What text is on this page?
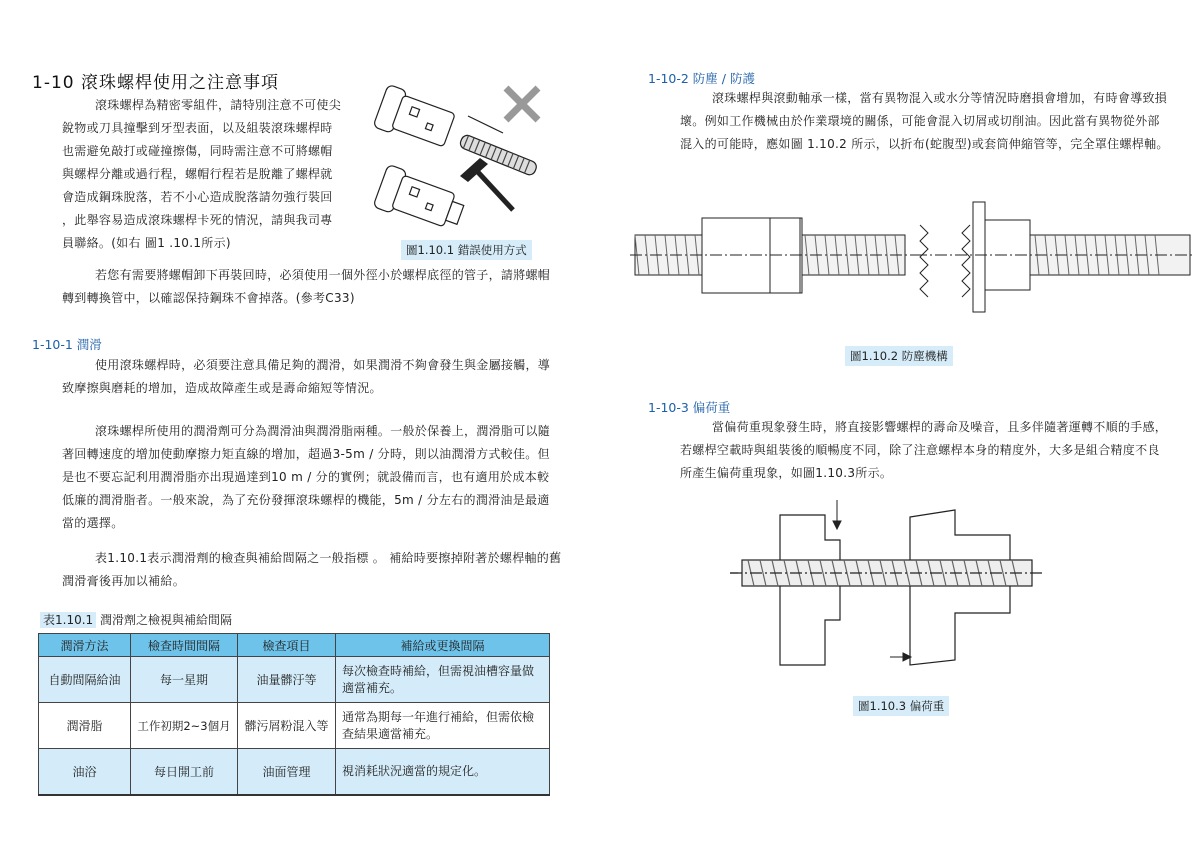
1-10 滾珠螺桿使用之注意事項
滾珠螺桿為精密零組件，請特別注意不可使尖
銳物或刀具撞擊到牙型表面，以及組裝滾珠螺桿時
也需避免敲打或碰撞擦傷，同時需注意不可將螺帽
與螺桿分離或過行程，螺帽行程若是脫離了螺桿就
會造成鋼珠脫落，若不小心造成脫落請勿強行裝回
，此舉容易造成滾珠螺桿卡死的情況，請與我司專
員聯絡。(如右 圖1 .10.1所示)	圖1.10.1 錯誤使用方式
若您有需要將螺帽卸下再裝回時，必須使用一個外徑小於螺桿底徑的管子，請將螺帽
轉到轉換管中，以確認保持鋼珠不會掉落。(參考C33)
1-10-1 潤滑
使用滾珠螺桿時，必須要注意具備足夠的潤滑，如果潤滑不夠會發生與金屬接觸，導
致摩擦與磨耗的增加，造成故障產生或是壽命縮短等情況。
滾珠螺桿所使用的潤滑劑可分為潤滑油與潤滑脂兩種。一般於保養上，潤滑脂可以隨
著回轉速度的增加使動摩擦力矩直線的增加，超過3-5m / 分時，則以油潤滑方式較佳。但
是也不要忘記利用潤滑脂亦出現過達到10 m / 分的實例；就設備而言，也有適用於成本較
低廉的潤滑脂者。一般來說，為了充份發揮滾珠螺桿的機能，5m / 分左右的潤滑油是最適
當的選擇。
表1.10.1表示潤滑劑的檢查與補給間隔之一般指標 。 補給時要擦掉附著於螺桿軸的舊
潤滑膏後再加以補給。
表1.10.1 潤滑劑之檢視與補給間隔
潤滑方法	檢查時間間隔	檢查項目	補給或更換間隔
自動間隔給油	每一星期	油量髒汙等	每次檢查時補給，但需視油槽容量做適當補充。
潤滑脂	工作初期2~3個月	髒污屑粉混入等	通常為期每一年進行補給，但需依檢查結果適當補充。
油浴	每日開工前	油面管理	視消耗狀況適當的規定化。
1-10-2 防塵 / 防護
滾珠螺桿與滾動軸承一樣，當有異物混入或水分等情況時磨損會增加，有時會導致損
壞。例如工作機械由於作業環境的關係，可能會混入切屑或切削油。因此當有異物從外部
混入的可能時，應如圖 1.10.2 所示，以折布(蛇腹型)或套筒伸縮管等，完全罩住螺桿軸。
圖1.10.2 防塵機構
1-10-3 偏荷重
當偏荷重現象發生時，將直接影響螺桿的壽命及噪音，且多伴隨著運轉不順的手感，
若螺桿空載時與組裝後的順暢度不同，除了注意螺桿本身的精度外，大多是組合精度不良
所產生偏荷重現象，如圖1.10.3所示。
圖1.10.3 偏荷重
